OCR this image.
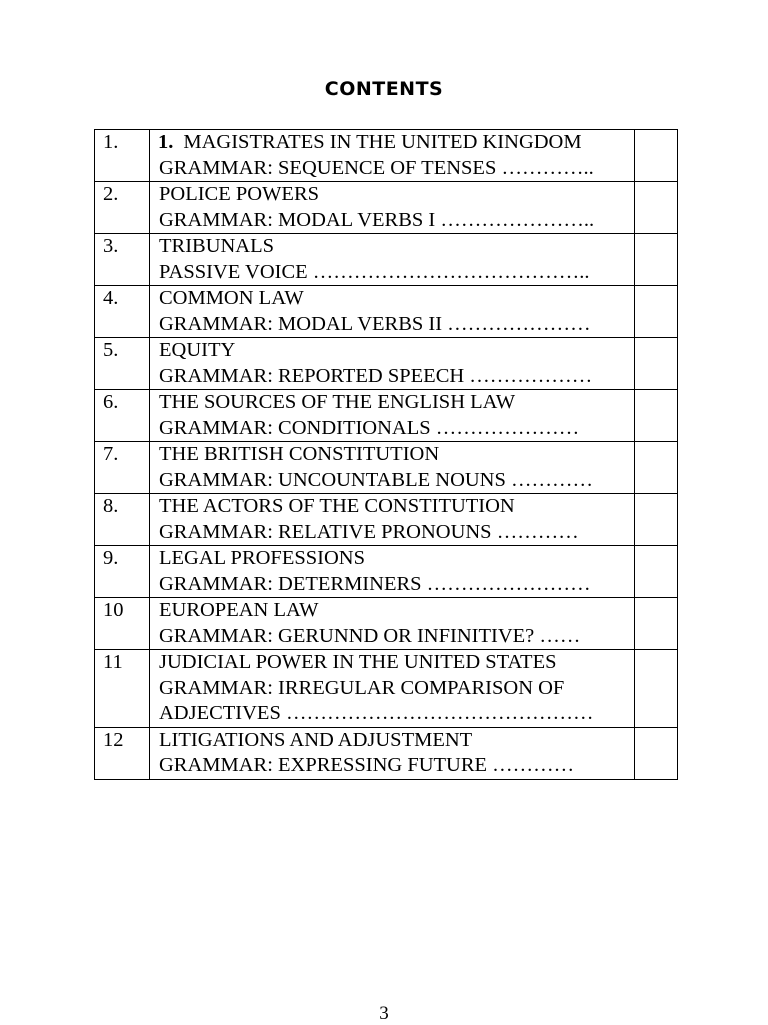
CONTENTS
1.	1. MAGISTRATES IN THE UNITED KINGDOM
GRAMMAR: SEQUENCE OF TENSES …………..	

2.	POLICE POWERS
GRAMMAR: MODAL VERBS I …………………..	

3.	TRIBUNALS
PASSIVE VOICE …………………………………..	

4.	COMMON LAW
GRAMMAR: MODAL VERBS II …………………	

5.	EQUITY
GRAMMAR: REPORTED SPEECH ………………	

6.	THE SOURCES OF THE ENGLISH LAW
GRAMMAR: CONDITIONALS …………………	

7.	THE BRITISH CONSTITUTION
GRAMMAR: UNCOUNTABLE NOUNS …………	

8.	THE ACTORS OF THE CONSTITUTION
GRAMMAR: RELATIVE PRONOUNS …………	

9.	LEGAL PROFESSIONS
GRAMMAR: DETERMINERS ……………………	

10	EUROPEAN LAW
GRAMMAR: GERUNND OR INFINITIVE? ……	

11	JUDICIAL POWER IN THE UNITED STATES
GRAMMAR: IRREGULAR COMPARISON OF
ADJECTIVES ………………………………………	

12	LITIGATIONS AND ADJUSTMENT
GRAMMAR: EXPRESSING FUTURE …………	

3
